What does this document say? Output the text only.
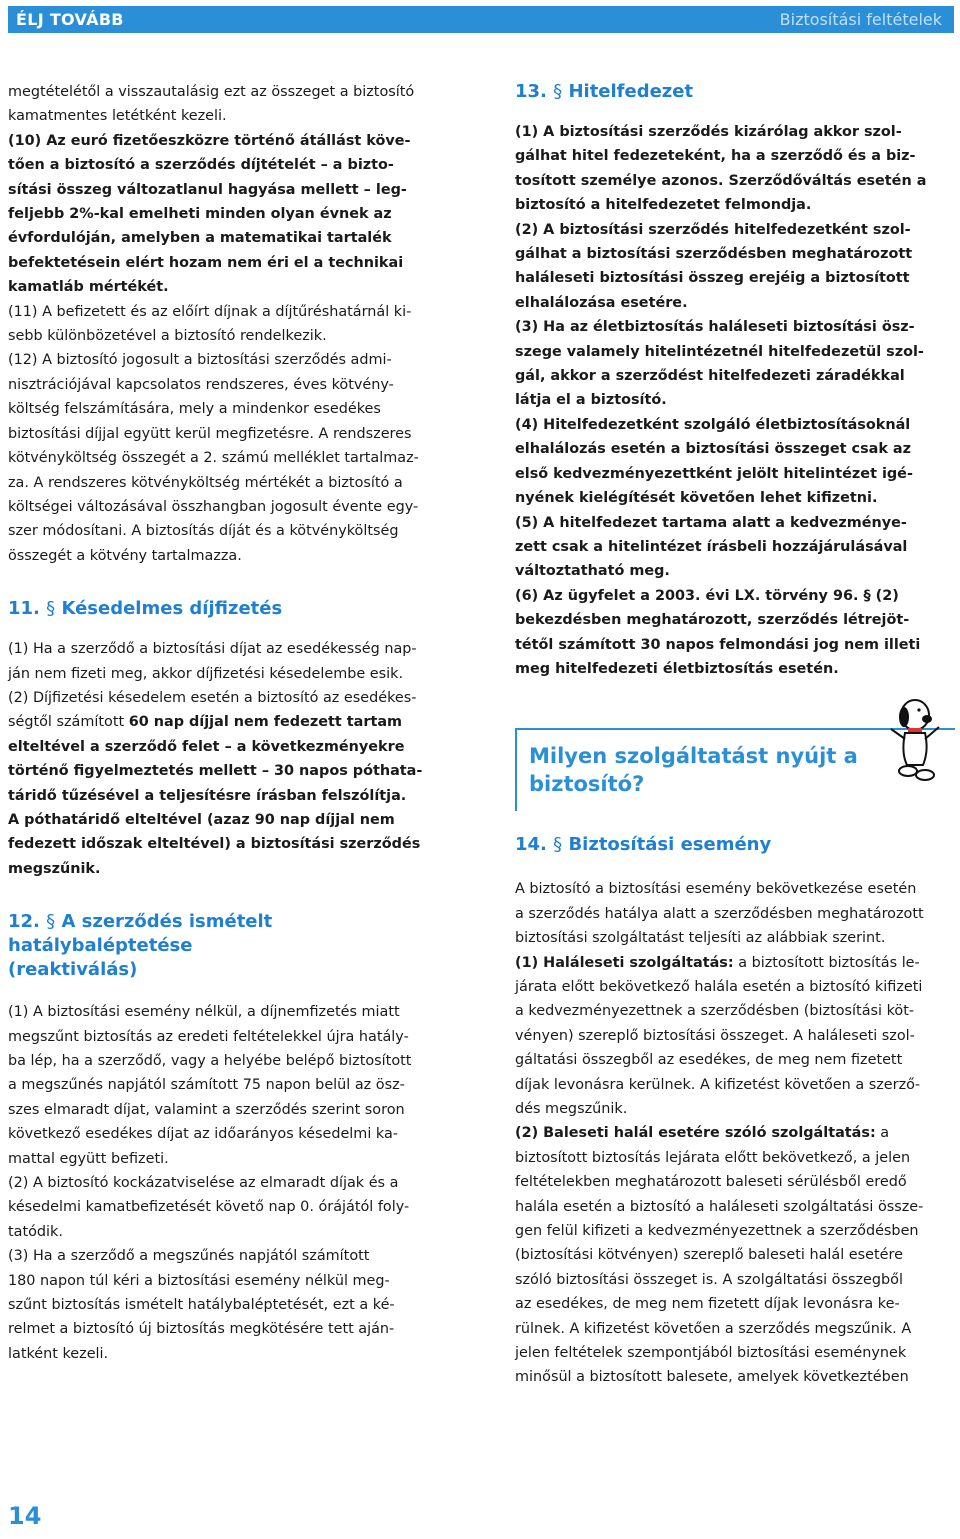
ÉLJ TOVÁBB	Biztosítási feltételek

megtételétől a visszautalásig ezt az összeget a biztosító
kamatmentes letétként kezeli.

(10) Az euró fizetőeszközre történő átállást köve-
tően a biztosító a szerződés díjtételét – a bizto-
sítási összeg változatlanul hagyása mellett – leg-
feljebb 2%-kal emelheti minden olyan évnek az
évfordulóján, amelyben a matematikai tartalék
befektetésein elért hozam nem éri el a technikai
kamatláb mértékét.

(11) A befizetett és az előírt díjnak a díjtűréshatárnál ki-
sebb különbözetével a biztosító rendelkezik.

(12) A biztosító jogosult a biztosítási szerződés admi-
nisztrációjával kapcsolatos rendszeres, éves kötvény-
költség felszámítására, mely a mindenkor esedékes
biztosítási díjjal együtt kerül megfizetésre. A rendszeres
kötvényköltség összegét a 2. számú melléklet tartalmaz-
za. A rendszeres kötvényköltség mértékét a biztosító a
költségei változásával összhangban jogosult évente egy-
szer módosítani. A biztosítás díját és a kötvényköltség
összegét a kötvény tartalmazza.

11. § Késedelmes díjfizetés

(1) Ha a szerződő a biztosítási díjat az esedékesség nap-
ján nem fizeti meg, akkor díjfizetési késedelembe esik.

(2) Díjfizetési késedelem esetén a biztosító az esedékes-
ségtől számított 60 nap díjjal nem fedezett tartam
elteltével a szerződő felet – a következményekre
történő figyelmeztetés mellett – 30 napos póthata-
táridő tűzésével a teljesítésre írásban felszólítja.
A póthatáridő elteltével (azaz 90 nap díjjal nem
fedezett időszak elteltével) a biztosítási szerződés
megszűnik.

12. § A szerződés ismételt hatálybaléptetése
(reaktiválás)

(1) A biztosítási esemény nélkül, a díjnemfizetés miatt
megszűnt biztosítás az eredeti feltételekkel újra hatály-
ba lép, ha a szerződő, vagy a helyébe belépő biztosított
a megszűnés napjától számított 75 napon belül az ösz-
szes elmaradt díjat, valamint a szerződés szerint soron
következő esedékes díjat az időarányos késedelmi ka-
mattal együtt befizeti.

(2) A biztosító kockázatviselése az elmaradt díjak és a
késedelmi kamatbefizetését követő nap 0. órájától foly-
tatódik.

(3) Ha a szerződő a megszűnés napjától számított
180 napon túl kéri a biztosítási esemény nélkül meg-
szűnt biztosítás ismételt hatálybaléptetését, ezt a ké-
relmet a biztosító új biztosítás megkötésére tett aján-
latként kezeli.

13. § Hitelfedezet

(1) A biztosítási szerződés kizárólag akkor szol-
gálhat hitel fedezeteként, ha a szerződő és a biz-
tosított személye azonos. Szerződőváltás esetén a
biztosító a hitelfedezetet felmondja.

(2) A biztosítási szerződés hitelfedezetként szol-
gálhat a biztosítási szerződésben meghatározott
haláleseti biztosítási összeg erejéig a biztosított
elhalálozása esetére.

(3) Ha az életbiztosítás haláleseti biztosítási ösz-
szege valamely hitelintézetnél hitelfedezetül szol-
gál, akkor a szerződést hitelfedezeti záradékkal
látja el a biztosító.

(4) Hitelfedezetként szolgáló életbiztosításoknál
elhalálozás esetén a biztosítási összeget csak az
első kedvezményezettként jelölt hitelintézet igé-
nyének kielégítését követően lehet kifizetni.

(5) A hitelfedezet tartama alatt a kedvezménye-
zett csak a hitelintézet írásbeli hozzájárulásával
változtatható meg.

(6) Az ügyfelet a 2003. évi LX. törvény 96. § (2)
bekezdésben meghatározott, szerződés létrejöt-
tétől számított 30 napos felmondási jog nem illeti
meg hitelfedezeti életbiztosítás esetén.

Milyen szolgáltatást nyújt a
biztosító?
14. § Biztosítási esemény

A biztosító a biztosítási esemény bekövetkezése esetén
a szerződés hatálya alatt a szerződésben meghatározott
biztosítási szolgáltatást teljesíti az alábbiak szerint.

(1) Haláleseti szolgáltatás: a biztosított biztosítás le-
járata előtt bekövetkező halála esetén a biztosító kifizeti
a kedvezményezettnek a szerződésben (biztosítási köt-
vényen) szereplő biztosítási összeget. A haláleseti szol-
gáltatási összegből az esedékes, de meg nem fizetett
díjak levonásra kerülnek. A kifizetést követően a szerző-
dés megszűnik.

(2) Baleseti halál esetére szóló szolgáltatás: a
biztosított biztosítás lejárata előtt bekövetkező, a jelen
feltételekben meghatározott baleseti sérülésből eredő
halála esetén a biztosító a haláleseti szolgáltatási össze-
gen felül kifizeti a kedvezményezettnek a szerződésben
(biztosítási kötvényen) szereplő baleseti halál esetére
szóló biztosítási összeget is. A szolgáltatási összegből
az esedékes, de meg nem fizetett díjak levonásra ke-
rülnek. A kifizetést követően a szerződés megszűnik. A
jelen feltételek szempontjából biztosítási eseménynek
minősül a biztosított balesete, amelyek következtében

14
